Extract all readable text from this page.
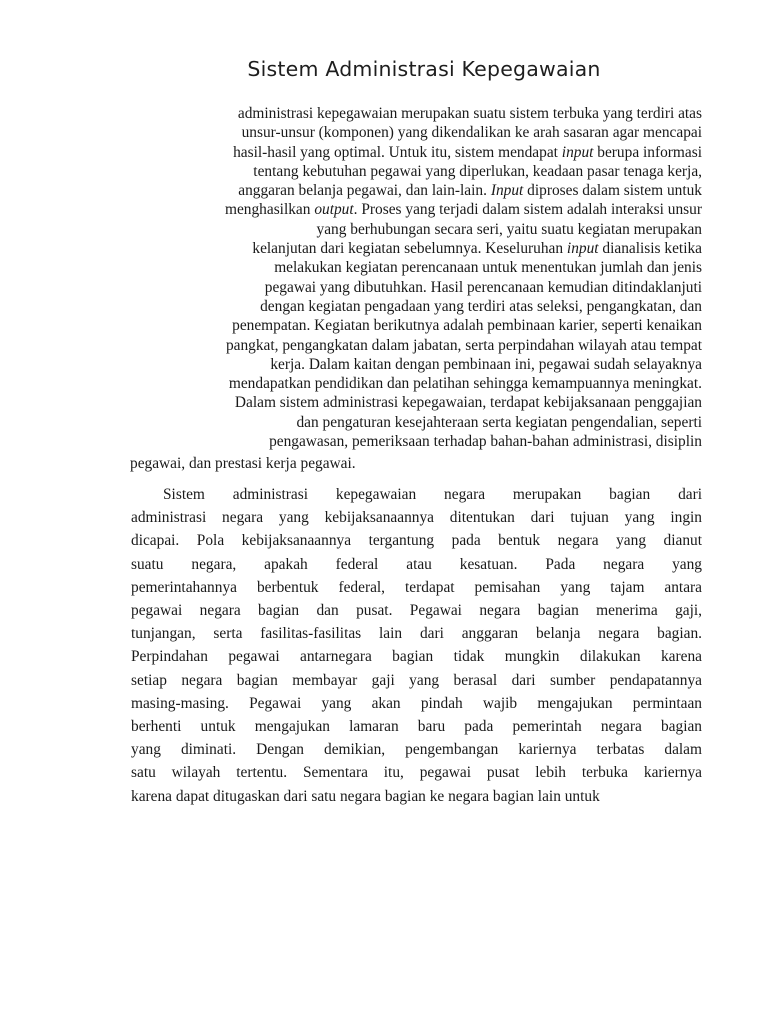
Sistem Administrasi Kepegawaian
administrasi kepegawaian merupakan suatu sistem terbuka yang terdiri atas
unsur-unsur (komponen) yang dikendalikan ke arah sasaran agar mencapai
hasil-hasil yang optimal. Untuk itu, sistem mendapat input berupa informasi
tentang kebutuhan pegawai yang diperlukan, keadaan pasar tenaga kerja,
anggaran belanja pegawai, dan lain-lain. Input diproses dalam sistem untuk
menghasilkan output. Proses yang terjadi dalam sistem adalah interaksi unsur
yang berhubungan secara seri, yaitu suatu kegiatan merupakan
kelanjutan dari kegiatan sebelumnya. Keseluruhan input dianalisis ketika
melakukan kegiatan perencanaan untuk menentukan jumlah dan jenis
pegawai yang dibutuhkan. Hasil perencanaan kemudian ditindaklanjuti
dengan kegiatan pengadaan yang terdiri atas seleksi, pengangkatan, dan
penempatan. Kegiatan berikutnya adalah pembinaan karier, seperti kenaikan
pangkat, pengangkatan dalam jabatan, serta perpindahan wilayah atau tempat
kerja. Dalam kaitan dengan pembinaan ini, pegawai sudah selayaknya
mendapatkan pendidikan dan pelatihan sehingga kemampuannya meningkat.
Dalam sistem administrasi kepegawaian, terdapat kebijaksanaan penggajian
dan pengaturan kesejahteraan serta kegiatan pengendalian, seperti
pengawasan, pemeriksaan terhadap bahan-bahan administrasi, disiplin
pegawai, dan prestasi kerja pegawai.
Sistem administrasi kepegawaian negara merupakan bagian dari
administrasi negara yang kebijaksanaannya ditentukan dari tujuan yang ingin
dicapai. Pola kebijaksanaannya tergantung pada bentuk negara yang dianut
suatu negara, apakah federal atau kesatuan. Pada negara yang
pemerintahannya berbentuk federal, terdapat pemisahan yang tajam antara
pegawai negara bagian dan pusat. Pegawai negara bagian menerima gaji,
tunjangan, serta fasilitas-fasilitas lain dari anggaran belanja negara bagian.
Perpindahan pegawai antarnegara bagian tidak mungkin dilakukan karena
setiap negara bagian membayar gaji yang berasal dari sumber pendapatannya
masing-masing. Pegawai yang akan pindah wajib mengajukan permintaan
berhenti untuk mengajukan lamaran baru pada pemerintah negara bagian
yang diminati. Dengan demikian, pengembangan kariernya terbatas dalam
satu wilayah tertentu. Sementara itu, pegawai pusat lebih terbuka kariernya
karena dapat ditugaskan dari satu negara bagian ke negara bagian lain untuk
